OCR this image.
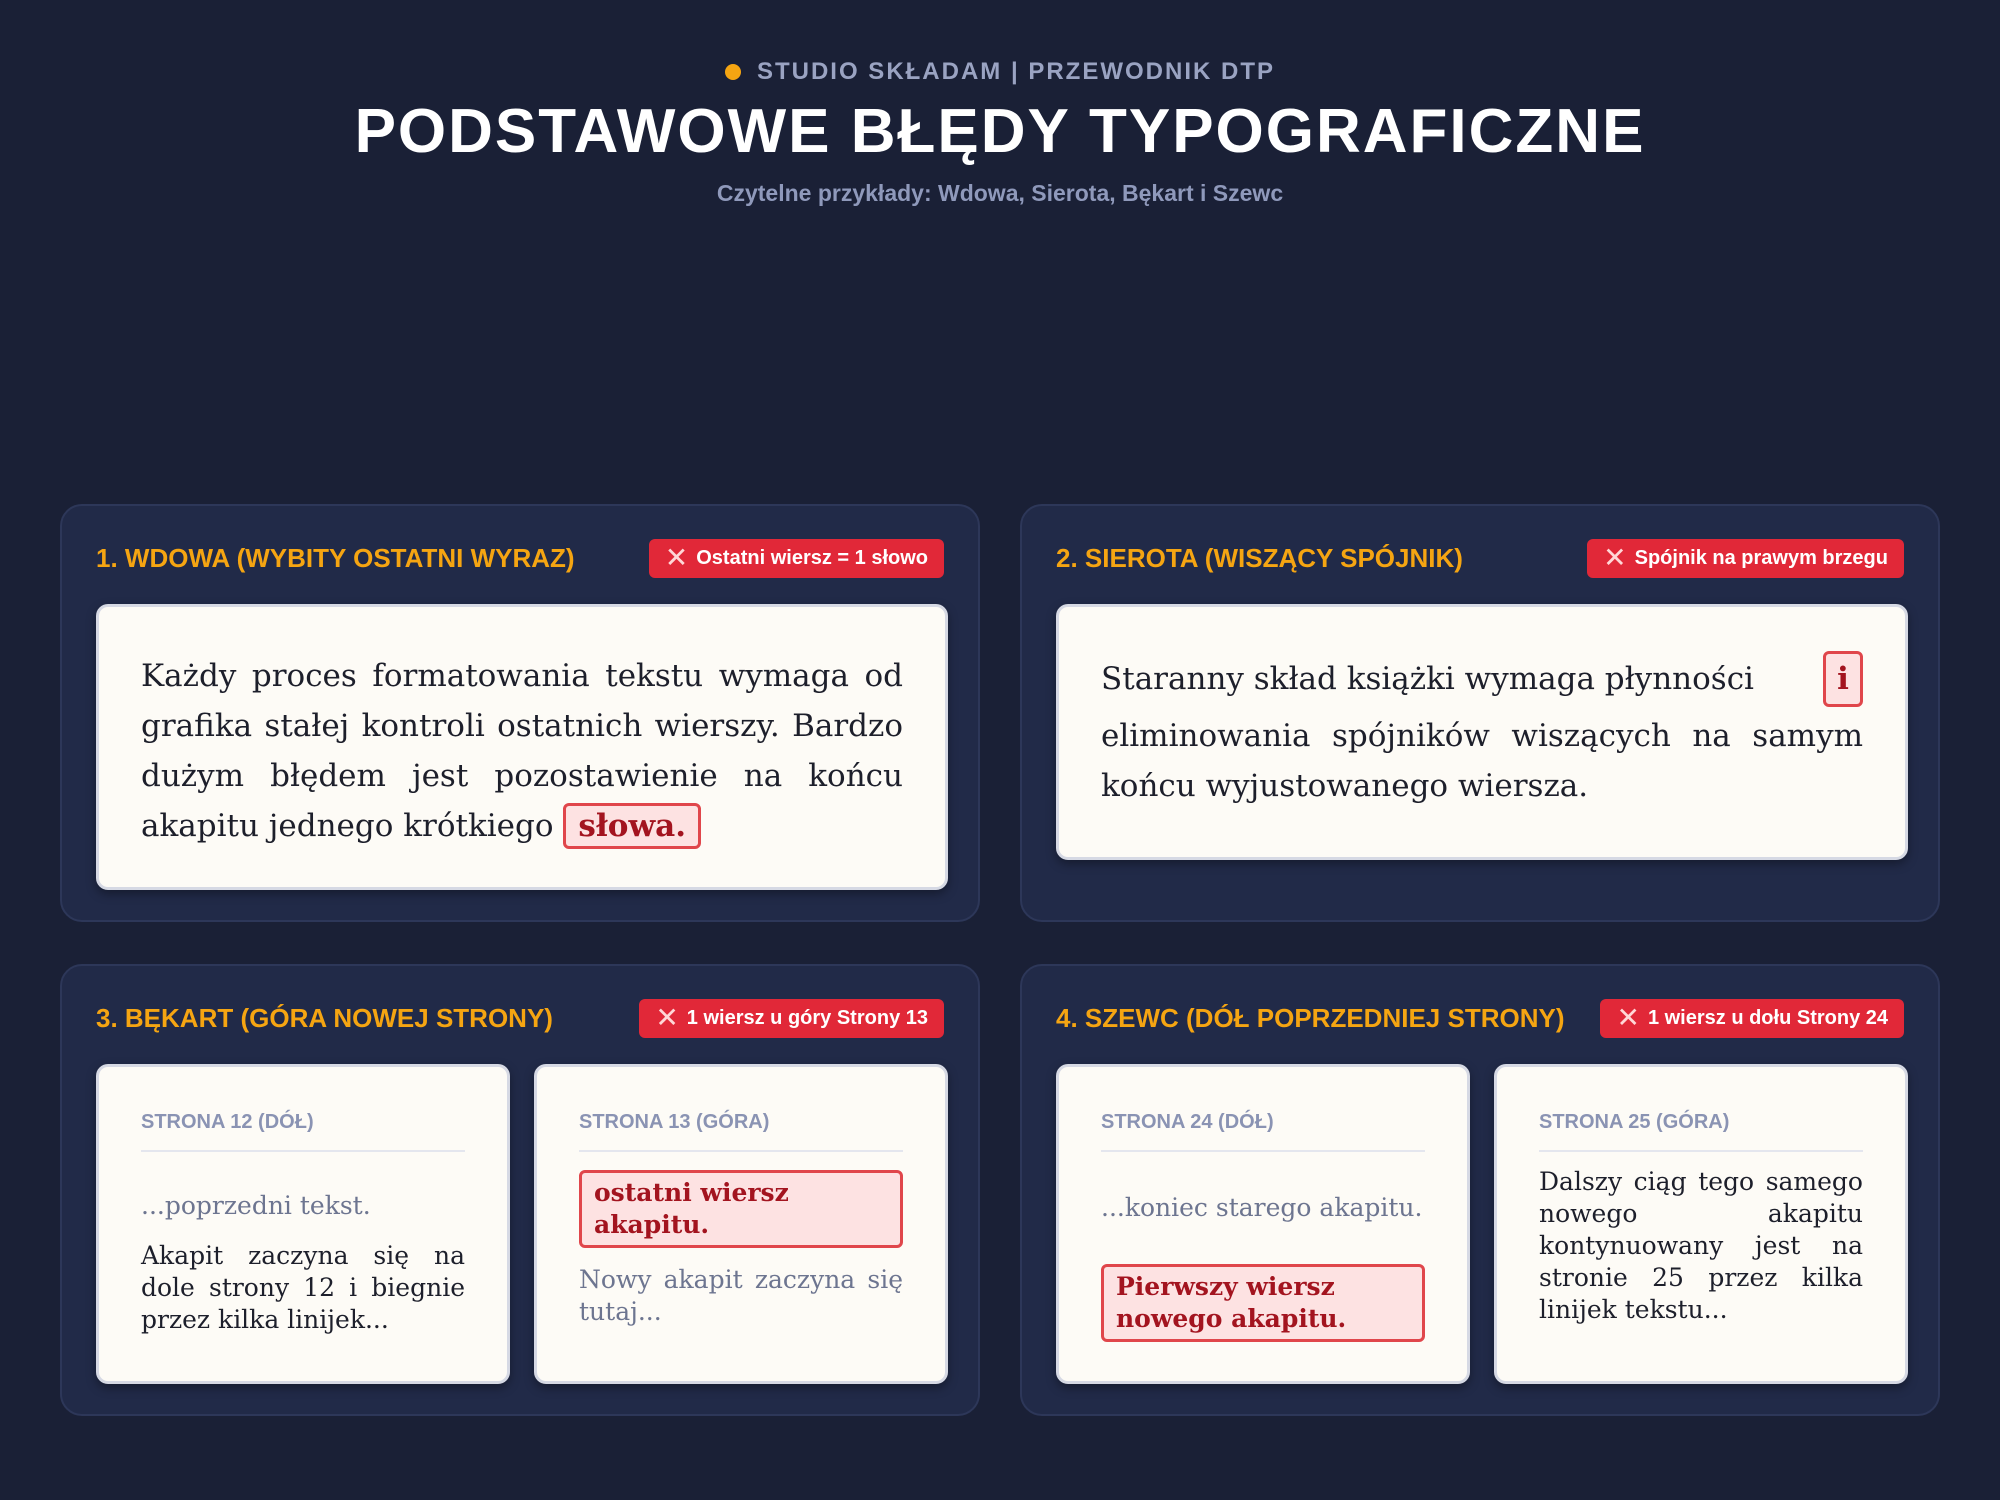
STUDIO SKŁADAM | PRZEWODNIK DTP
PODSTAWOWE BŁĘDY TYPOGRAFICZNE
Czytelne przykłady: Wdowa, Sierota, Bękart i Szewc
1. WDOWA (WYBITY OSTATNI WYRAZ)	✕ Ostatni wiersz = 1 słowo
Każdy proces formatowania tekstu wymaga od grafika stałej kontroli ostatnich wierszy. Bardzo dużym błędem jest pozostawienie na końcu akapitu jednego krótkiego słowa.
2. SIEROTA (WISZĄCY SPÓJNIK)	✕ Spójnik na prawym brzegu
Staranny skład książki wymaga płynności	i
eliminowania spójników wiszących na samym końcu wyjustowanego wiersza.
3. BĘKART (GÓRA NOWEJ STRONY)	✕ 1 wiersz u góry Strony 13
STRONA 12 (DÓŁ)
...poprzedni tekst.
Akapit zaczyna się na dole strony 12 i biegnie przez kilka linijek...
STRONA 13 (GÓRA)
ostatni wiersz akapitu.
Nowy akapit zaczyna się tutaj...
4. SZEWC (DÓŁ POPRZEDNIEJ STRONY) ✕ 1 wiersz u dołu Strony 24
STRONA 24 (DÓŁ)
...koniec starego akapitu.
Pierwszy wiersz nowego akapitu.
STRONA 25 (GÓRA)
Dalszy ciąg tego samego nowego akapitu kontynuowany jest na stronie 25 przez kilka linijek tekstu...
